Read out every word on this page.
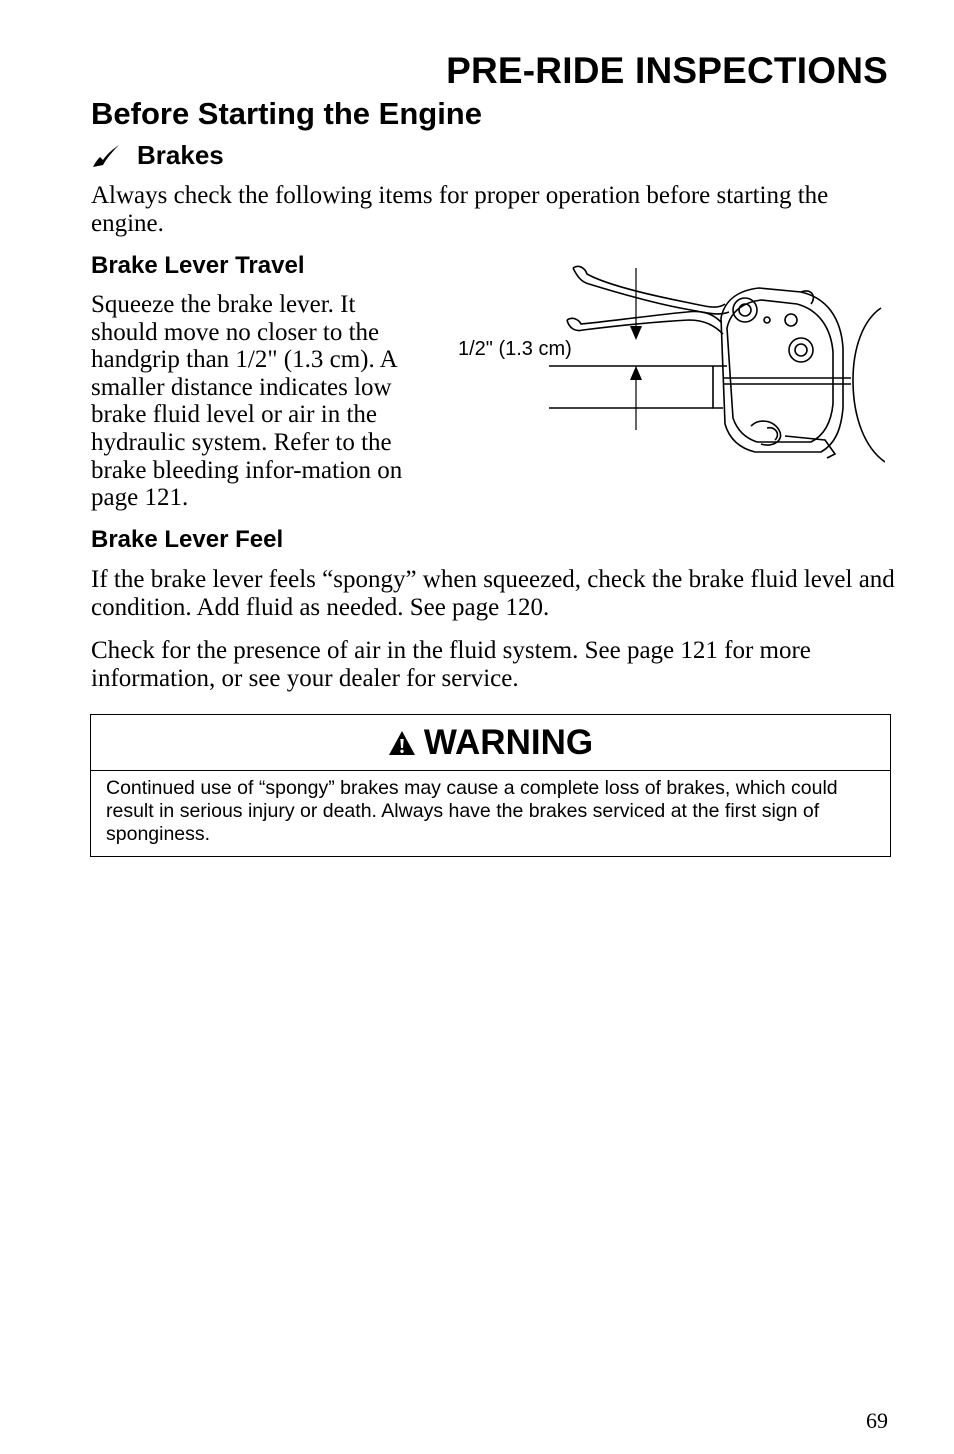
PRE-RIDE INSPECTIONS
Before Starting the Engine
Brakes
Always check the following items for proper operation before starting the engine.
Brake Lever Travel
Squeeze the brake lever. It should move no closer to the handgrip than 1/2" (1.3 cm). A smaller distance indicates low brake fluid level or air in the hydraulic system. Refer to the brake bleeding infor-mation on page 121.
1/2" (1.3 cm)
Brake Lever Feel
If the brake lever feels “spongy” when squeezed, check the brake fluid level and condition. Add fluid as needed. See page 120.
Check for the presence of air in the fluid system. See page 121 for more information, or see your dealer for service.
WARNING
Continued use of “spongy” brakes may cause a complete loss of brakes, which could result in serious injury or death. Always have the brakes serviced at the first sign of sponginess.
69
